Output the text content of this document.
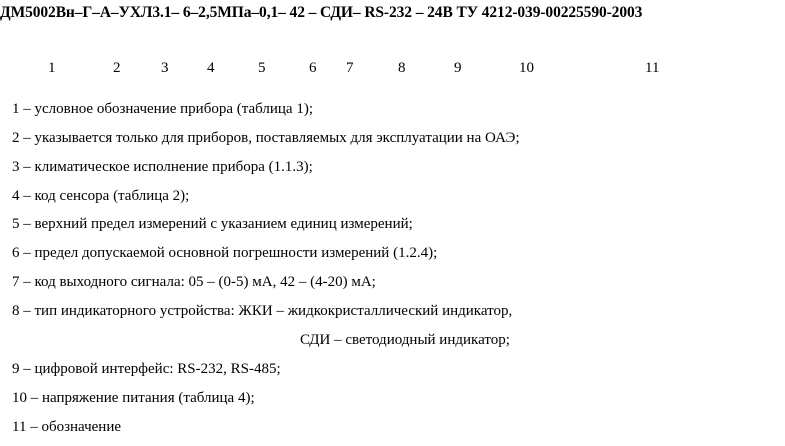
ДМ5002Вн–Г–А–УХЛ3.1– 6–2,5МПа–0,1– 42 – СДИ– RS-232 – 24В ТУ 4212-039-00225590-2003
1	2	3	4	5	6 7	8	9	10	11
1 – условное обозначение прибора (таблица 1);
2 – указывается только для приборов, поставляемых для эксплуатации на ОАЭ;
3 – климатическое исполнение прибора (1.1.3);
4 – код сенсора (таблица 2);
5 – верхний предел измерений с указанием единиц измерений;
6 – предел допускаемой основной погрешности измерений (1.2.4);
7 – код выходного сигнала: 05 – (0-5) мА, 42 – (4-20) мА;
8 – тип индикаторного устройства: ЖКИ – жидкокристаллический индикатор,
СДИ – светодиодный индикатор;
9 – цифровой интерфейс: RS-232, RS-485;
10 – напряжение питания (таблица 4);
11 – обозначение
